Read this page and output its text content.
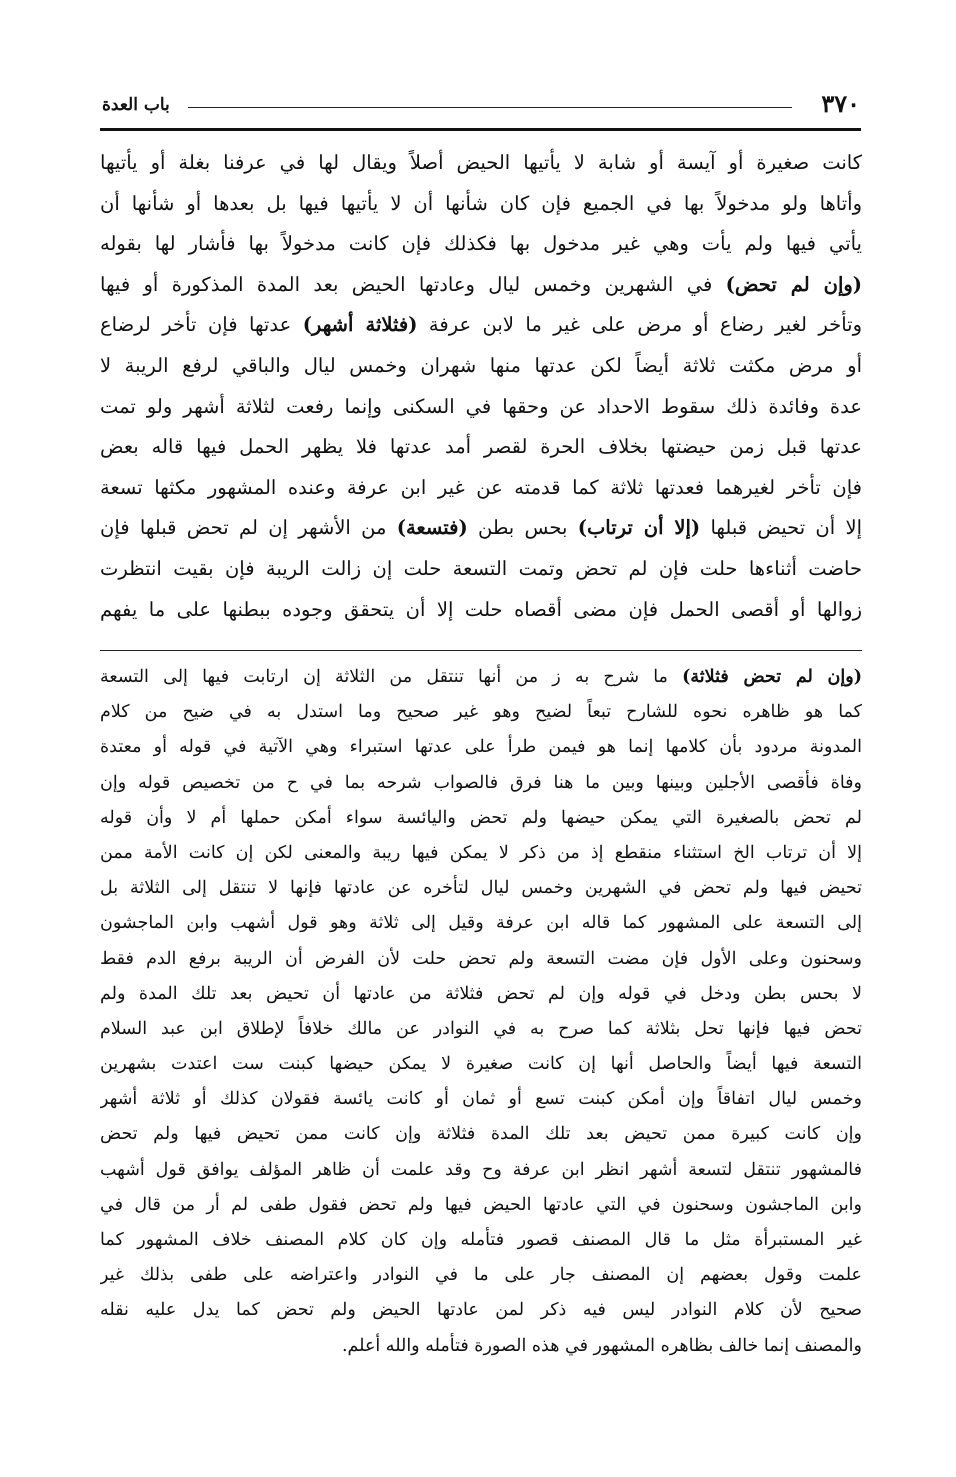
٣٧٠
باب العدة
كانت صغيرة أو آيسة أو شابة لا يأتيها الحيض أصلاً ويقال لها في عرفنا بغلة أو يأتيها
وأتاها ولو مدخولاً بها في الجميع فإن كان شأنها أن لا يأتيها فيها بل بعدها أو شأنها أن
يأتي فيها ولم يأت وهي غير مدخول بها فكذلك فإن كانت مدخولاً بها فأشار لها بقوله
(وإن لم تحض) في الشهرين وخمس ليال وعادتها الحيض بعد المدة المذكورة أو فيها
وتأخر لغير رضاع أو مرض على غير ما لابن عرفة (فثلاثة أشهر) عدتها فإن تأخر لرضاع
أو مرض مكثت ثلاثة أيضاً لكن عدتها منها شهران وخمس ليال والباقي لرفع الريبة لا
عدة وفائدة ذلك سقوط الاحداد عن وحقها في السكنى وإنما رفعت لثلاثة أشهر ولو تمت
عدتها قبل زمن حيضتها بخلاف الحرة لقصر أمد عدتها فلا يظهر الحمل فيها قاله بعض
فإن تأخر لغيرهما فعدتها ثلاثة كما قدمته عن غير ابن عرفة وعنده المشهور مكثها تسعة
إلا أن تحيض قبلها (إلا أن ترتاب) بحس بطن (فتسعة) من الأشهر إن لم تحض قبلها فإن
حاضت أثناءها حلت فإن لم تحض وتمت التسعة حلت إن زالت الريبة فإن بقيت انتظرت
زوالها أو أقصى الحمل فإن مضى أقصاه حلت إلا أن يتحقق وجوده ببطنها على ما يفهم
(وإن لم تحض فثلاثة) ما شرح به ز من أنها تنتقل من الثلاثة إن ارتابت فيها إلى التسعة
كما هو ظاهره نحوه للشارح تبعاً لضيح وهو غير صحيح وما استدل به في ضيح من كلام
المدونة مردود بأن كلامها إنما هو فيمن طرأ على عدتها استبراء وهي الآتية في قوله أو معتدة
وفاة فأقصى الأجلين وبينها وبين ما هنا فرق فالصواب شرحه بما في ح من تخصيص قوله وإن
لم تحض بالصغيرة التي يمكن حيضها ولم تحض واليائسة سواء أمكن حملها أم لا وأن قوله
إلا أن ترتاب الخ استثناء منقطع إذ من ذكر لا يمكن فيها ريبة والمعنى لكن إن كانت الأمة ممن
تحيض فيها ولم تحض في الشهرين وخمس ليال لتأخره عن عادتها فإنها لا تنتقل إلى الثلاثة بل
إلى التسعة على المشهور كما قاله ابن عرفة وقيل إلى ثلاثة وهو قول أشهب وابن الماجشون
وسحنون وعلى الأول فإن مضت التسعة ولم تحض حلت لأن الفرض أن الريبة برفع الدم فقط
لا بحس بطن ودخل في قوله وإن لم تحض فثلاثة من عادتها أن تحيض بعد تلك المدة ولم
تحض فيها فإنها تحل بثلاثة كما صرح به في النوادر عن مالك خلافاً لإطلاق ابن عبد السلام
التسعة فيها أيضاً والحاصل أنها إن كانت صغيرة لا يمكن حيضها كبنت ست اعتدت بشهرين
وخمس ليال اتفاقاً وإن أمكن كبنت تسع أو ثمان أو كانت يائسة فقولان كذلك أو ثلاثة أشهر
وإن كانت كبيرة ممن تحيض بعد تلك المدة فثلاثة وإن كانت ممن تحيض فيها ولم تحض
فالمشهور تنتقل لتسعة أشهر انظر ابن عرفة وح وقد علمت أن ظاهر المؤلف يوافق قول أشهب
وابن الماجشون وسحنون في التي عادتها الحيض فيها ولم تحض فقول طفى لم أر من قال في
غير المستبرأة مثل ما قال المصنف قصور فتأمله وإن كان كلام المصنف خلاف المشهور كما
علمت وقول بعضهم إن المصنف جار على ما في النوادر واعتراضه على طفى بذلك غير
صحيح لأن كلام النوادر ليس فيه ذكر لمن عادتها الحيض ولم تحض كما يدل عليه نقله
والمصنف إنما خالف بظاهره المشهور في هذه الصورة فتأمله والله أعلم.
